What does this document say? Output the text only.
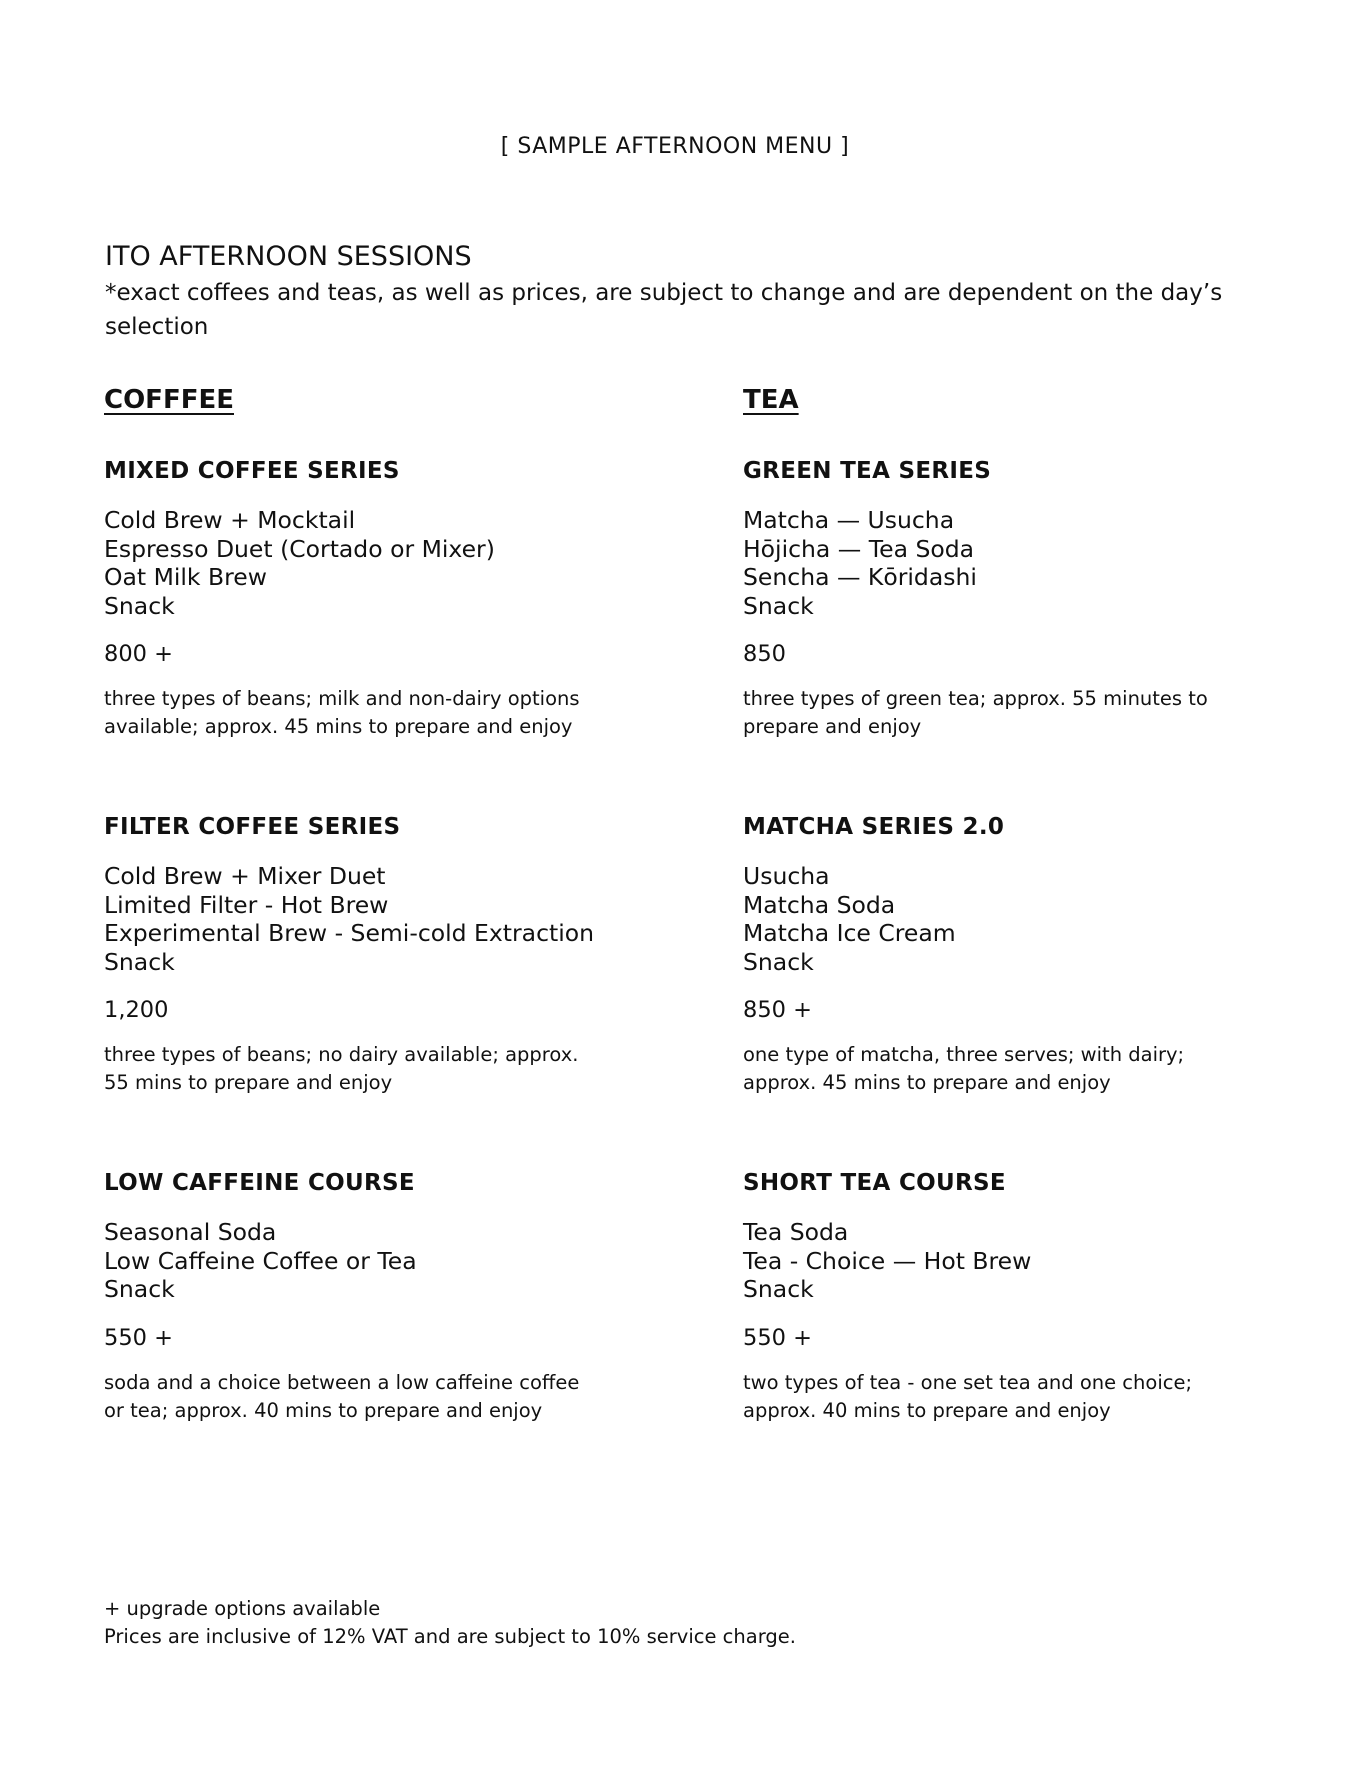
[ SAMPLE AFTERNOON MENU ]
ITO AFTERNOON SESSIONS

*exact coffees and teas, as well as prices, are subject to change and are dependent on the day’s selection

COFFFEE
MIXED COFFEE SERIES
Cold Brew + Mocktail
Espresso Duet (Cortado or Mixer)
Oat Milk Brew
Snack

800 +

three types of beans; milk and non-dairy options available; approx. 45 mins to prepare and enjoy

FILTER COFFEE SERIES
Cold Brew + Mixer Duet
Limited Filter - Hot Brew
Experimental Brew - Semi-cold Extraction
Snack

1,200

three types of beans; no dairy available; approx. 55 mins to prepare and enjoy

LOW CAFFEINE COURSE
Seasonal Soda
Low Caffeine Coffee or Tea
Snack

550 +

soda and a choice between a low caffeine coffee or tea; approx. 40 mins to prepare and enjoy

TEA
GREEN TEA SERIES
Matcha — Usucha
Hōjicha — Tea Soda
Sencha — Kōridashi
Snack

850

three types of green tea; approx. 55 minutes to prepare and enjoy

MATCHA SERIES 2.0
Usucha
Matcha Soda
Matcha Ice Cream
Snack

850 +

one type of matcha, three serves; with dairy; approx. 45 mins to prepare and enjoy

SHORT TEA COURSE
Tea Soda
Tea - Choice — Hot Brew
Snack

550 +

two types of tea - one set tea and one choice; approx. 40 mins to prepare and enjoy

+ upgrade options available

Prices are inclusive of 12% VAT and are subject to 10% service charge.
